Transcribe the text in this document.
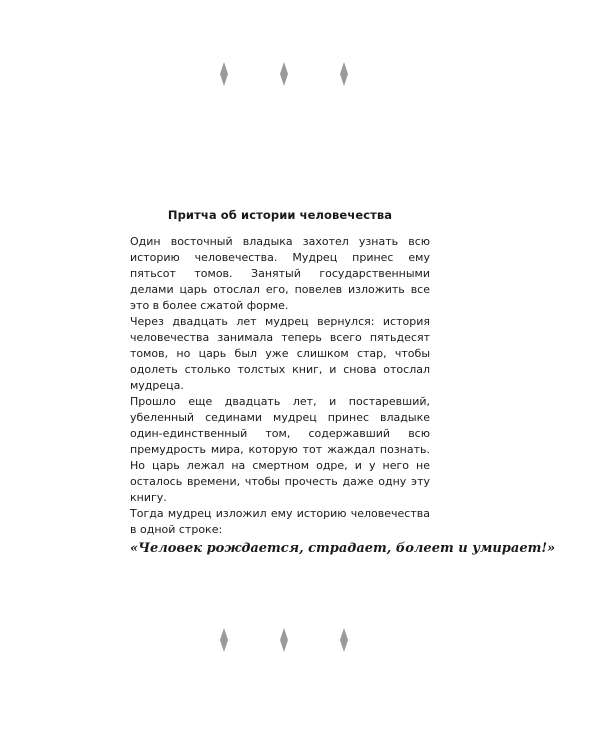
Притча об истории человечества

Один восточный владыка захотел узнать всю историю человечества. Мудрец принес ему пятьсот томов. Занятый государственными делами царь отослал его, повелев изложить все это в более сжатой форме.

Через двадцать лет мудрец вернулся: история человечества занимала теперь всего пятьдесят томов, но царь был уже слишком стар, чтобы одолеть столько толстых книг, и снова отослал мудреца.

Прошло еще двадцать лет, и постаревший, убеленный сединами мудрец принес владыке один-единственный том, содержавший всю премудрость мира, которую тот жаждал познать. Но царь лежал на смертном одре, и у него не осталось времени, чтобы прочесть даже одну эту книгу.

Тогда мудрец изложил ему историю человечества в одной строке:

«Человек рождается, страдает, болеет и умирает!»
